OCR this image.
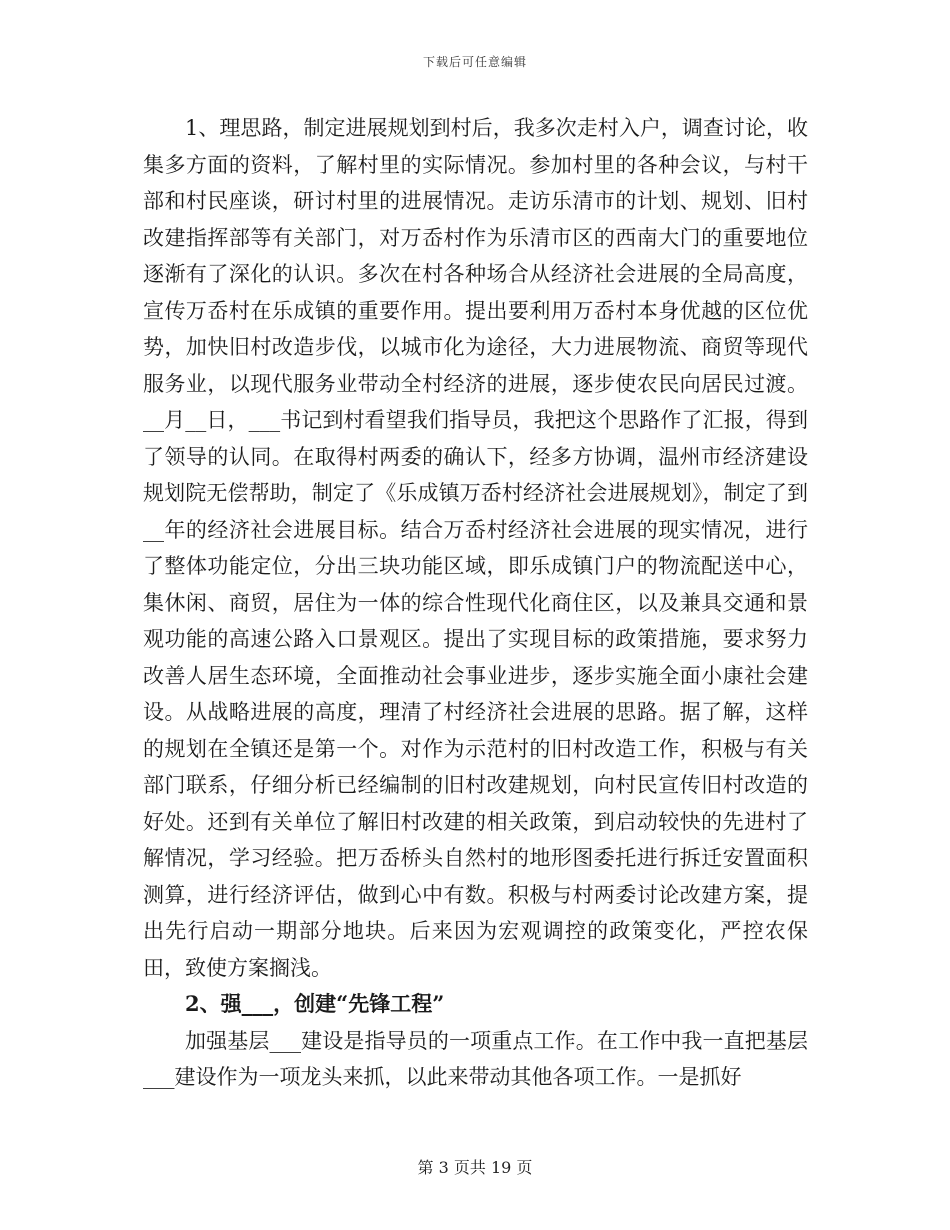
下载后可任意编辑

1、理思路，制定进展规划到村后，我多次走村入户，调查讨论，收集多方面的资料，了解村里的实际情况。参加村里的各种会议，与村干部和村民座谈，研讨村里的进展情况。走访乐清市的计划、规划、旧村改建指挥部等有关部门，对万岙村作为乐清市区的西南大门的重要地位逐渐有了深化的认识。多次在村各种场合从经济社会进展的全局高度，宣传万岙村在乐成镇的重要作用。提出要利用万岙村本身优越的区位优势，加快旧村改造步伐，以城市化为途径，大力进展物流、商贸等现代服务业，以现代服务业带动全村经济的进展，逐步使农民向居民过渡。__月__日，___书记到村看望我们指导员，我把这个思路作了汇报，得到了领导的认同。在取得村两委的确认下，经多方协调，温州市经济建设规划院无偿帮助，制定了《乐成镇万岙村经济社会进展规划》，制定了到__年的经济社会进展目标。结合万岙村经济社会进展的现实情况，进行了整体功能定位，分出三块功能区域，即乐成镇门户的物流配送中心，集休闲、商贸，居住为一体的综合性现代化商住区，以及兼具交通和景观功能的高速公路入口景观区。提出了实现目标的政策措施，要求努力改善人居生态环境，全面推动社会事业进步，逐步实施全面小康社会建设。从战略进展的高度，理清了村经济社会进展的思路。据了解，这样的规划在全镇还是第一个。对作为示范村的旧村改造工作，积极与有关部门联系，仔细分析已经编制的旧村改建规划，向村民宣传旧村改造的好处。还到有关单位了解旧村改建的相关政策，到启动较快的先进村了解情况，学习经验。把万岙桥头自然村的地形图委托进行拆迁安置面积测算，进行经济评估，做到心中有数。积极与村两委讨论改建方案，提出先行启动一期部分地块。后来因为宏观调控的政策变化，严控农保田，致使方案搁浅。

2、强___，创建“先锋工程”

加强基层___建设是指导员的一项重点工作。在工作中我一直把基层___建设作为一项龙头来抓，以此来带动其他各项工作。一是抓好

第 3 页共 19 页
